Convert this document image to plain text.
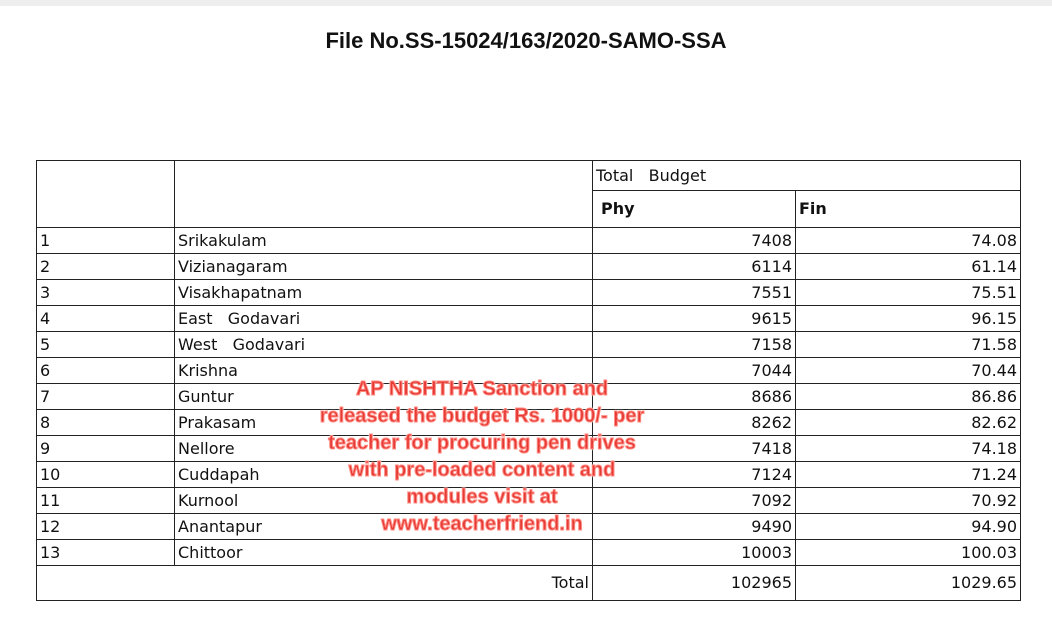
File No.SS-15024/163/2020-SAMO-SSA
		Total   Budget	
		Phy	Fin
1	Srikakulam	7408	74.08
2	Vizianagaram	6114	61.14
3	Visakhapatnam	7551	75.51
4	East   Godavari	9615	96.15
5	West   Godavari	7158	71.58
6	Krishna	7044	70.44
7	Guntur	8686	86.86
8	Prakasam	8262	82.62
9	Nellore	7418	74.18
10	Cuddapah	7124	71.24
11	Kurnool	7092	70.92
12	Anantapur	9490	94.90
13	Chittoor	10003	100.03
Total		102965	1029.65
AP NISHTHA Sanction and
released the budget Rs. 1000/- per
teacher for procuring pen drives
with pre-loaded content and
modules visit at
www.teacherfriend.in
